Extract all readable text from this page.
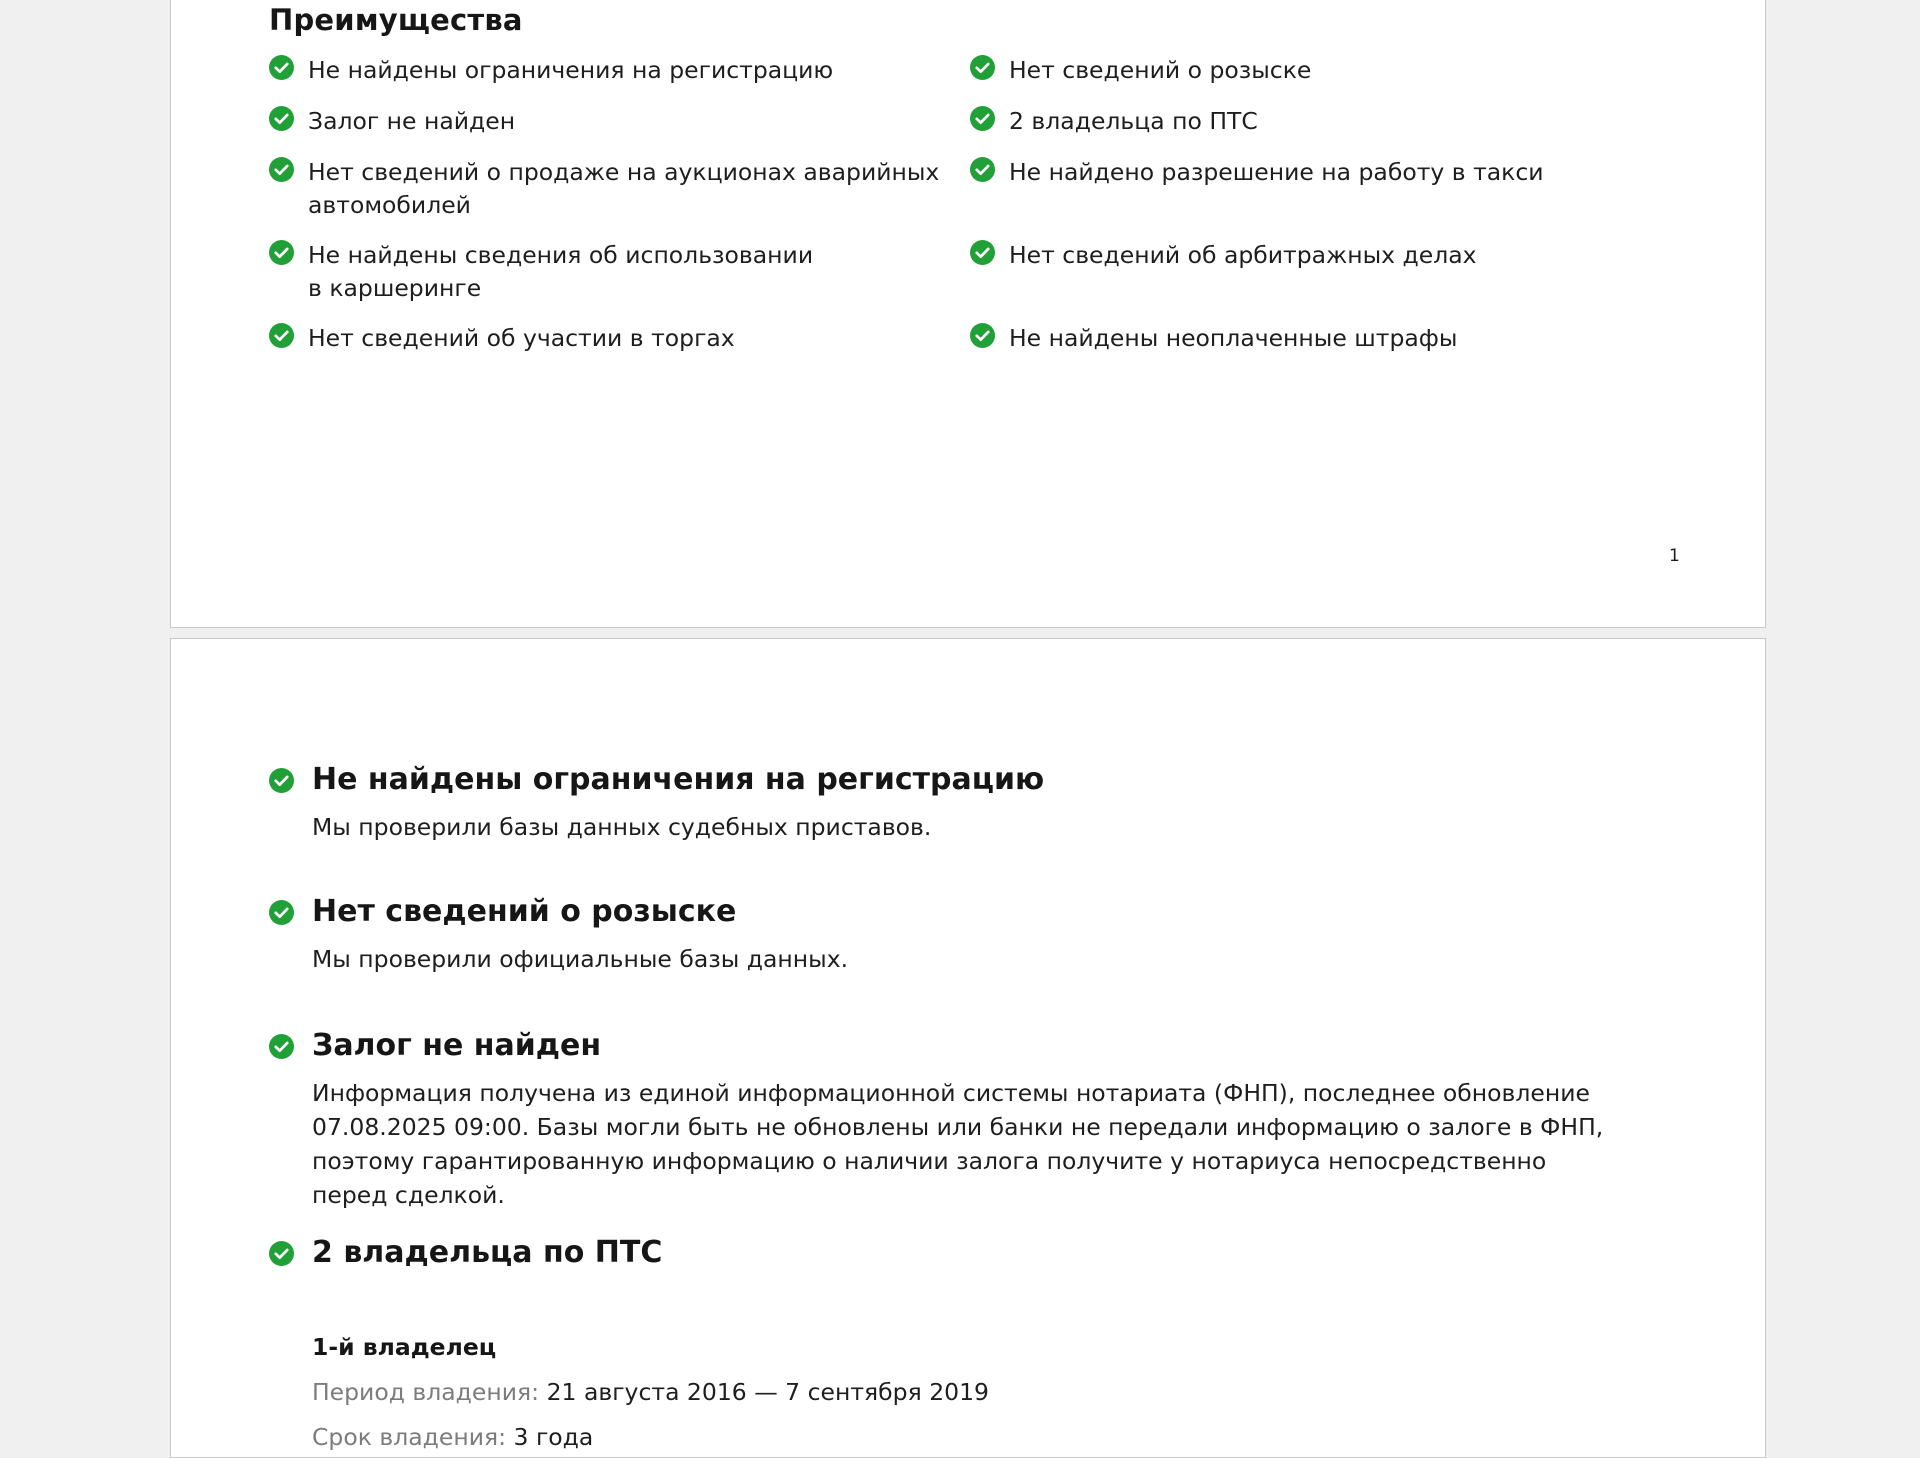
Преимущества
Не найдены ограничения на регистрацию
Залог не найден
Нет сведений о продаже на аукционах аварийных
автомобилей
Не найдены сведения об использовании
в каршеринге
Нет сведений об участии в торгах
Нет сведений о розыске
2 владельца по ПТС
Не найдено разрешение на работу в такси
Нет сведений об арбитражных делах
Не найдены неоплаченные штрафы
1
Не найдены ограничения на регистрацию
Мы проверили базы данных судебных приставов.
Нет сведений о розыске
Мы проверили официальные базы данных.
Залог не найден
Информация получена из единой информационной системы нотариата (ФНП), последнее обновление 07.08.2025 09:00. Базы могли быть не обновлены или банки не передали информацию о залоге в ФНП, поэтому гарантированную информацию о наличии залога получите у нотариуса непосредственно перед сделкой.
2 владельца по ПТС
1-й владелец
Период владения: 21 августа 2016 — 7 сентября 2019
Срок владения: 3 года
